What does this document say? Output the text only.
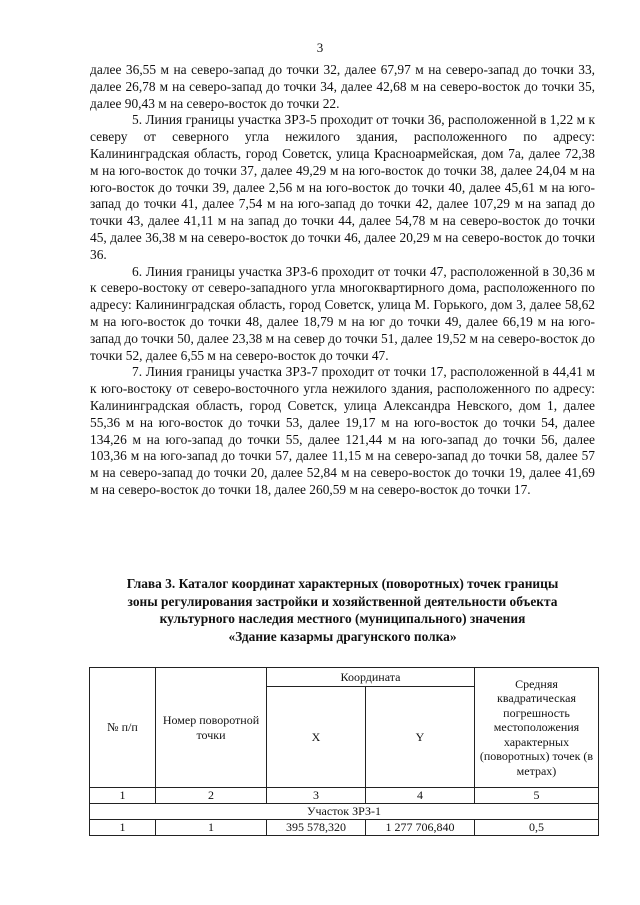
3

далее 36,55 м на северо-запад до точки 32, далее 67,97 м на северо-запад до точки 33, далее 26,78 м на северо-запад до точки 34, далее 42,68 м на северо-восток до точки 35, далее 90,43 м на северо-восток до точки 22.

5. Линия границы участка ЗРЗ-5 проходит от точки 36, расположенной в 1,22 м к северу от северного угла нежилого здания, расположенного по адресу: Калининградская область, город Советск, улица Красноармейская, дом 7а, далее 72,38 м на юго-восток до точки 37, далее 49,29 м на юго-восток до точки 38, далее 24,04 м на юго-восток до точки 39, далее 2,56 м на юго-восток до точки 40, далее 45,61 м на юго-запад до точки 41, далее 7,54 м на юго-запад до точки 42, далее 107,29 м на запад до точки 43, далее 41,11 м на запад до точки 44, далее 54,78 м на северо-восток до точки 45, далее 36,38 м на северо-восток до точки 46, далее 20,29 м на северо-восток до точки 36.

6. Линия границы участка ЗРЗ-6 проходит от точки 47, расположенной в 30,36 м к северо-востоку от северо-западного угла многоквартирного дома, расположенного по адресу: Калининградская область, город Советск, улица М. Горького, дом 3, далее 58,62 м на юго-восток до точки 48, далее 18,79 м на юг до точки 49, далее 66,19 м на юго-запад до точки 50, далее 23,38 м на север до точки 51, далее 19,52 м на северо-восток до точки 52, далее 6,55 м на северо-восток до точки 47.

7. Линия границы участка ЗРЗ-7 проходит от точки 17, расположенной в 44,41 м к юго-востоку от северо-восточного угла нежилого здания, расположенного по адресу: Калининградская область, город Советск, улица Александра Невского, дом 1, далее 55,36 м на юго-восток до точки 53, далее 19,17 м на юго-восток до точки 54, далее 134,26 м на юго-запад до точки 55, далее 121,44 м на юго-запад до точки 56, далее 103,36 м на юго-запад до точки 57, далее 11,15 м на северо-запад до точки 58, далее 57 м на северо-запад до точки 20, далее 52,84 м на северо-восток до точки 19, далее 41,69 м на северо-восток до точки 18, далее 260,59 м на северо-восток до точки 17.

Глава 3. Каталог координат характерных (поворотных) точек границы
зоны регулирования застройки и хозяйственной деятельности объекта
культурного наследия местного (муниципального) значения
«Здание казармы драгунского полка»
№ п/п	Номер поворотной точки	Координата		Средняя квадратическая погрешность местоположения характерных (поворотных) точек (в метрах)
		X	Y	
1	2	3	4	5
Участок ЗРЗ-1				
1	1	395 578,320	1 277 706,840	0,5
